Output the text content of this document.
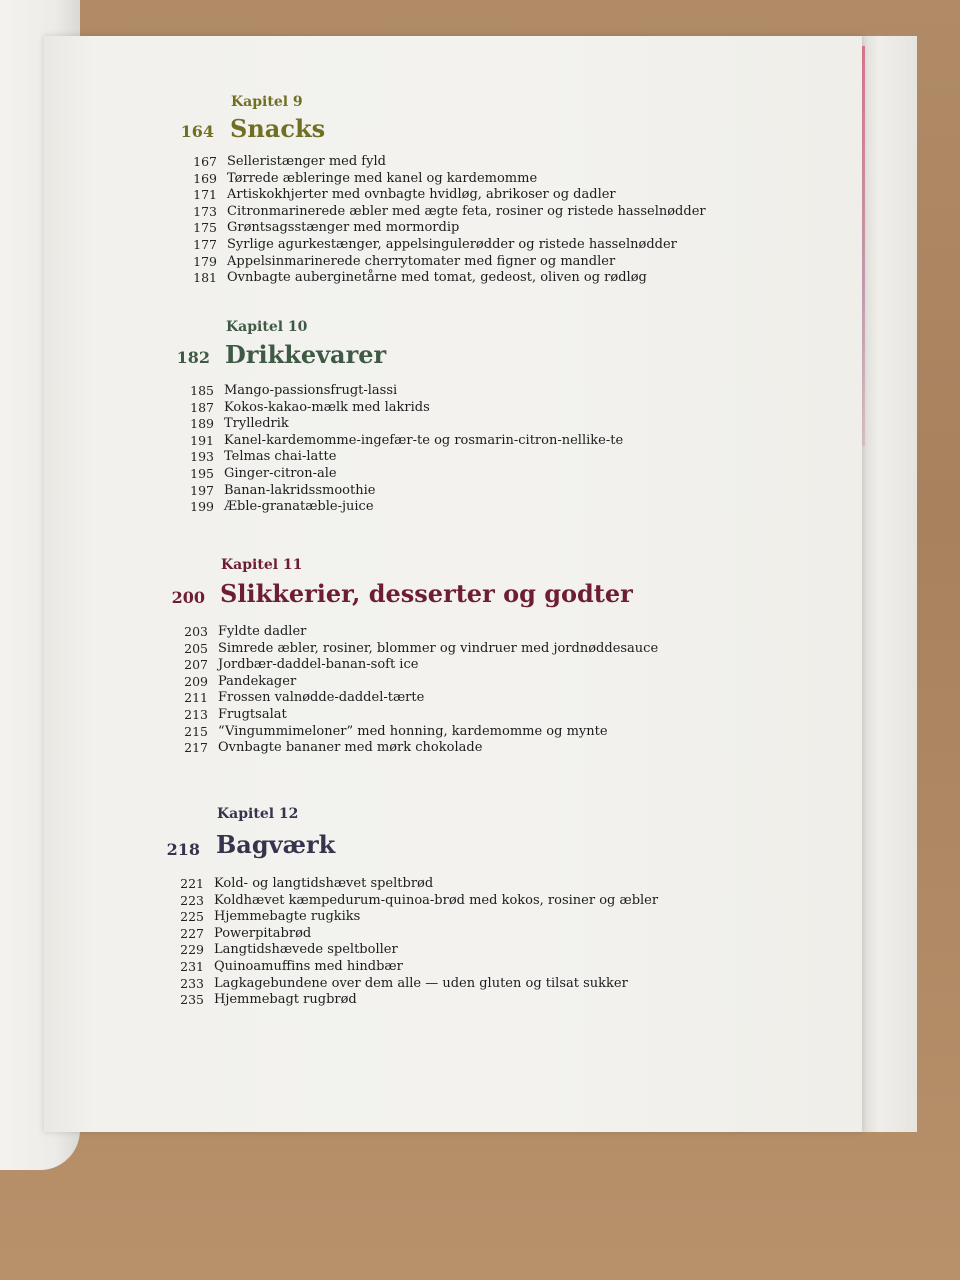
Kapitel 9
164 Snacks
167 Selleristænger med fyld
169 Tørrede æbleringe med kanel og kardemomme
171 Artiskokhjerter med ovnbagte hvidløg, abrikoser og dadler
173 Citronmarinerede æbler med ægte feta, rosiner og ristede hasselnødder
175 Grøntsagsstænger med mormordip
177 Syrlige agurkestænger, appelsingulerødder og ristede hasselnødder
179 Appelsinmarinerede cherrytomater med figner og mandler
181 Ovnbagte auberginetårne med tomat, gedeost, oliven og rødløg
Kapitel 10
182 Drikkevarer
185 Mango-passionsfrugt-lassi
187 Kokos-kakao-mælk med lakrids
189 Trylledrik
191 Kanel-kardemomme-ingefær-te og rosmarin-citron-nellike-te
193 Telmas chai-latte
195 Ginger-citron-ale
197 Banan-lakridssmoothie
199 Æble-granatæble-juice
Kapitel 11
200 Slikkerier, desserter og godter
203 Fyldte dadler
205 Simrede æbler, rosiner, blommer og vindruer med jordnøddesauce
207 Jordbær-daddel-banan-soft ice
209 Pandekager
211 Frossen valnødde-daddel-tærte
213 Frugtsalat
215 “Vingummimeloner” med honning, kardemomme og mynte
217 Ovnbagte bananer med mørk chokolade
Kapitel 12
218 Bagværk
221 Kold- og langtidshævet speltbrød
223 Koldhævet kæmpedurum-quinoa-brød med kokos, rosiner og æbler
225 Hjemmebagte rugkiks
227 Powerpitabrød
229 Langtidshævede speltboller
231 Quinoamuffins med hindbær
233 Lagkagebundene over dem alle — uden gluten og tilsat sukker
235 Hjemmebagt rugbrød
